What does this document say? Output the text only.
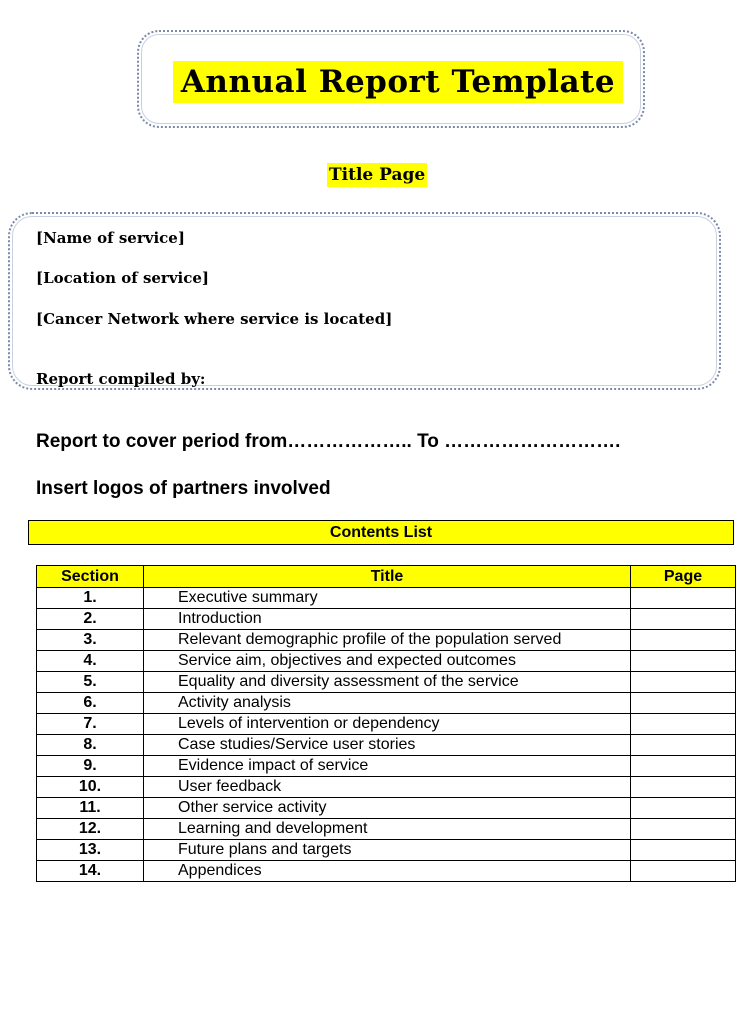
Annual Report Template
Title Page
[Name of service]
[Location of service]
[Cancer Network where service is located]
Report compiled by:
Report to cover period from……………….. To ……………………….
Insert logos of partners involved
Contents List
Section	Title	Page
1.	Executive summary	
2.	Introduction	
3.	Relevant demographic profile of the population served	
4.	Service aim, objectives and expected outcomes	
5.	Equality and diversity assessment of the service	
6.	Activity analysis	
7.	Levels of intervention or dependency	
8.	Case studies/Service user stories	
9.	Evidence impact of service	
10.	User feedback	
11.	Other service activity	
12.	Learning and development	
13.	Future plans and targets	
14.	Appendices	
